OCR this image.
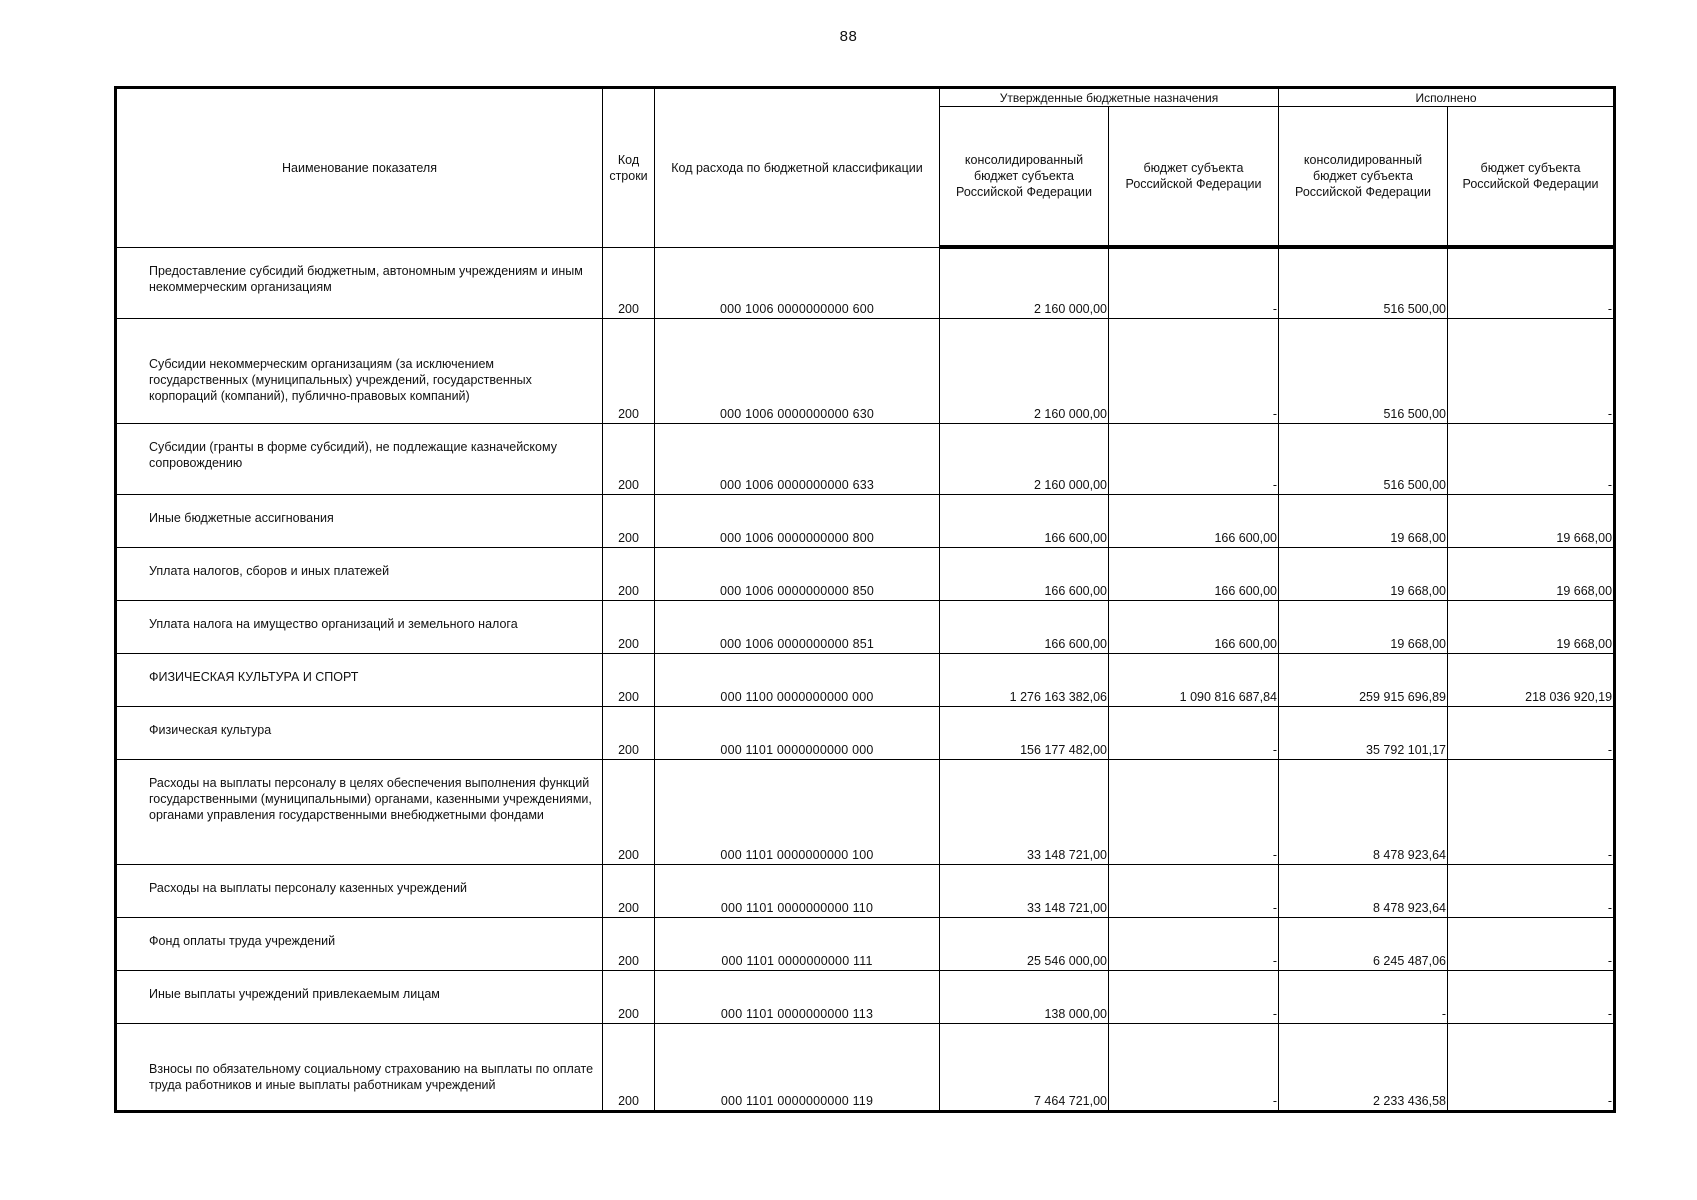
88
Наименование показателя	Код строки	Код расхода по бюджетной классификации	Утвержденные бюджетные назначения		Исполнено	
			консолидированный бюджет субъекта Российской Федерации	бюджет субъекта Российской Федерации	консолидированный бюджет субъекта Российской Федерации	бюджет субъекта Российской Федерации
Предоставление субсидий бюджетным, автономным учреждениям и иным некоммерческим организациям	200	000 1006 0000000000 600	2 160 000,00	-	516 500,00	-
Субсидии некоммерческим организациям (за исключением государственных (муниципальных) учреждений, государственных корпораций (компаний), публично-правовых компаний)	200	000 1006 0000000000 630	2 160 000,00	-	516 500,00	-
Субсидии (гранты в форме субсидий), не подлежащие казначейскому сопровождению	200	000 1006 0000000000 633	2 160 000,00	-	516 500,00	-
Иные бюджетные ассигнования	200	000 1006 0000000000 800	166 600,00	166 600,00	19 668,00	19 668,00
Уплата налогов, сборов и иных платежей	200	000 1006 0000000000 850	166 600,00	166 600,00	19 668,00	19 668,00
Уплата налога на имущество организаций и земельного налога	200	000 1006 0000000000 851	166 600,00	166 600,00	19 668,00	19 668,00
ФИЗИЧЕСКАЯ КУЛЬТУРА И СПОРТ	200	000 1100 0000000000 000	1 276 163 382,06	1 090 816 687,84	259 915 696,89	218 036 920,19
Физическая культура	200	000 1101 0000000000 000	156 177 482,00	-	35 792 101,17	-
Расходы на выплаты персоналу в целях обеспечения выполнения функций государственными (муниципальными) органами, казенными учреждениями, органами управления государственными внебюджетными фондами	200	000 1101 0000000000 100	33 148 721,00	-	8 478 923,64	-
Расходы на выплаты персоналу казенных учреждений	200	000 1101 0000000000 110	33 148 721,00	-	8 478 923,64	-
Фонд оплаты труда учреждений	200	000 1101 0000000000 111	25 546 000,00	-	6 245 487,06	-
Иные выплаты учреждений привлекаемым лицам	200	000 1101 0000000000 113	138 000,00	-	-	-
Взносы по обязательному социальному страхованию на выплаты по оплате труда работников и иные выплаты работникам учреждений	200	000 1101 0000000000 119	7 464 721,00	-	2 233 436,58	-
